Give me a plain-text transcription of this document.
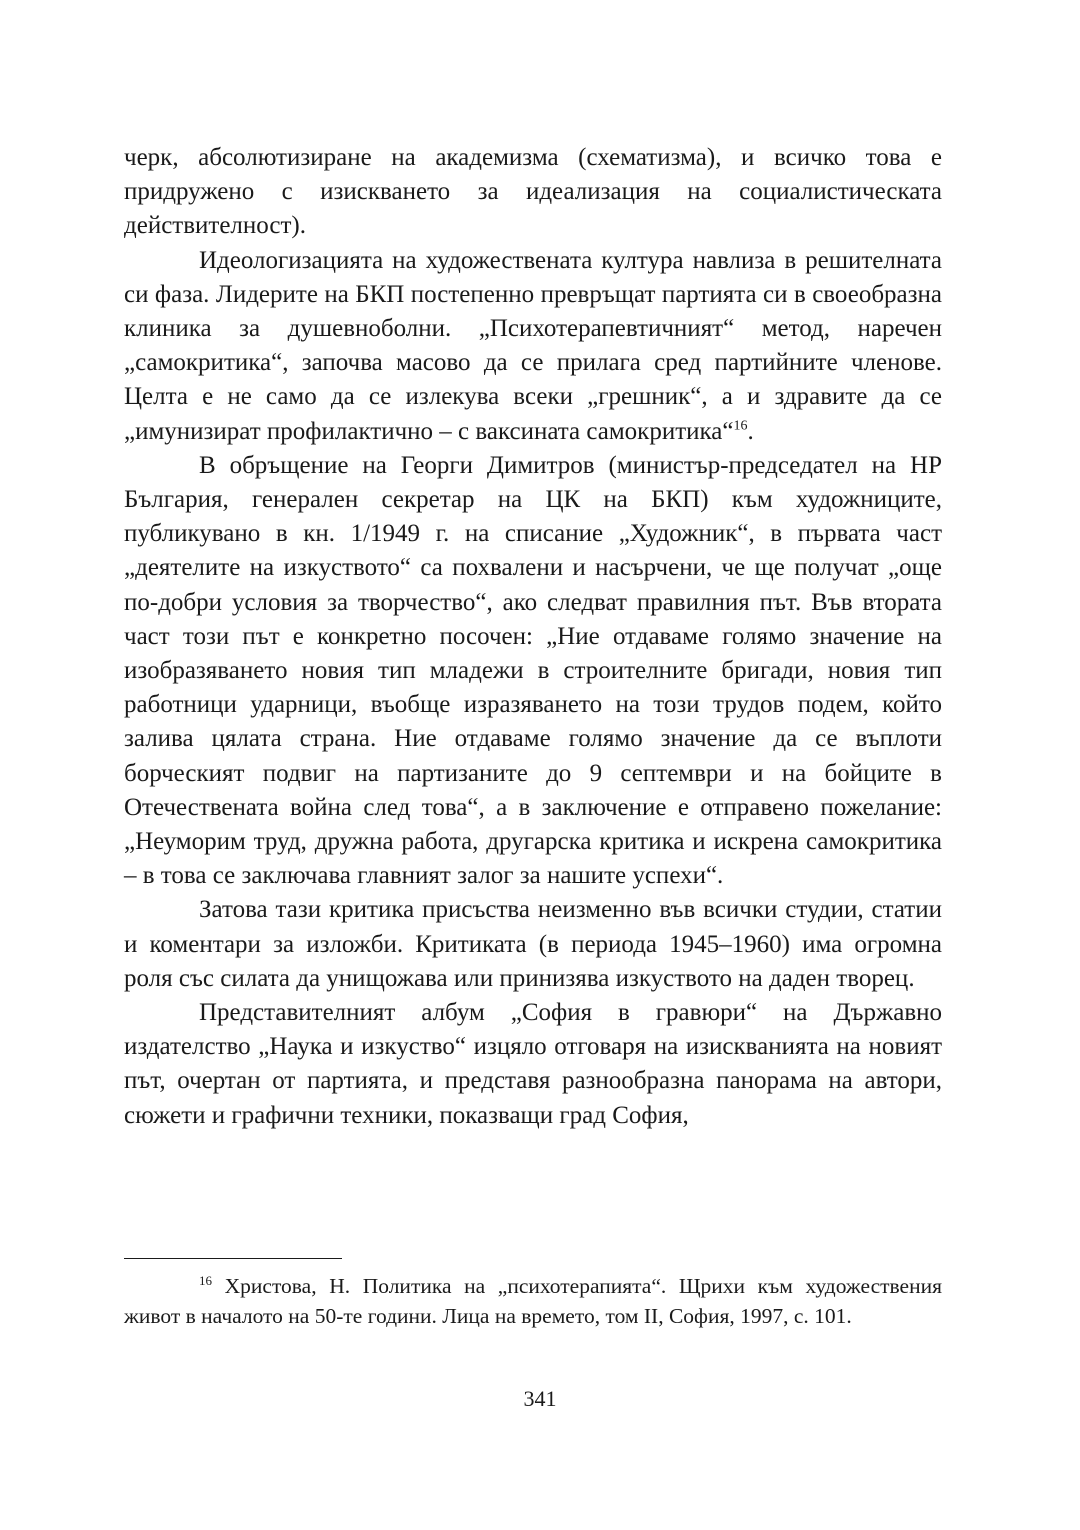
черк, абсолютизиране на академизма (схематизма), и всичко това е придружено с изискването за идеализация на социалистическата действителност).

Идеологизацията на художествената култура навлиза в решителната си фаза. Лидерите на БКП постепенно превръщат партията си в своеобразна клиника за душевноболни. „Психотерапевтичният“ метод, наречен „самокритика“, започва масово да се прилага сред партийните членове. Целта е не само да се излекува всеки „грешник“, а и здравите да се „имунизират профилактично – с ваксината самокритика“$^{16}$.

В обръщение на Георги Димитров (министър-председател на НР България, генерален секретар на ЦК на БКП) към художниците, публикувано в кн. 1/1949 г. на списание „Художник“, в първата част „деятелите на изкуството“ са похвалени и насърчени, че ще получат „още по-добри условия за творчество“, ако следват правилния път. Във втората част този път е конкретно посочен: „Ние отдаваме голямо значение на изобразяването новия тип младежи в строителните бригади, новия тип работници ударници, въобще изразяването на този трудов подем, който залива цялата страна. Ние отдаваме голямо значение да се въплоти борческият подвиг на партизаните до 9 септември и на бойците в Отечествената война след това“, а в заключение е отправено пожелание: „Неуморим труд, дружна работа, другарска критика и искрена самокритика – в това се заключава главният залог за нашите успехи“.

Затова тази критика присъства неизменно във всички студии, статии и коментари за изложби. Критиката (в периода 1945–1960) има огромна роля със силата да унищожава или принизява изкуството на даден творец.

Представителният албум „София в гравюри“ на Държавно издателство „Наука и изкуство“ изцяло отговаря на изискванията на новият път, очертан от партията, и представя разнообразна панорама на автори, сюжети и графични техники, показващи град София,

$^{16}$ Христова, Н. Политика на „психотерапията“. Щрихи към художествения живот в началото на 50-те години. Лица на времето, том II, София, 1997, с. 101.

341
